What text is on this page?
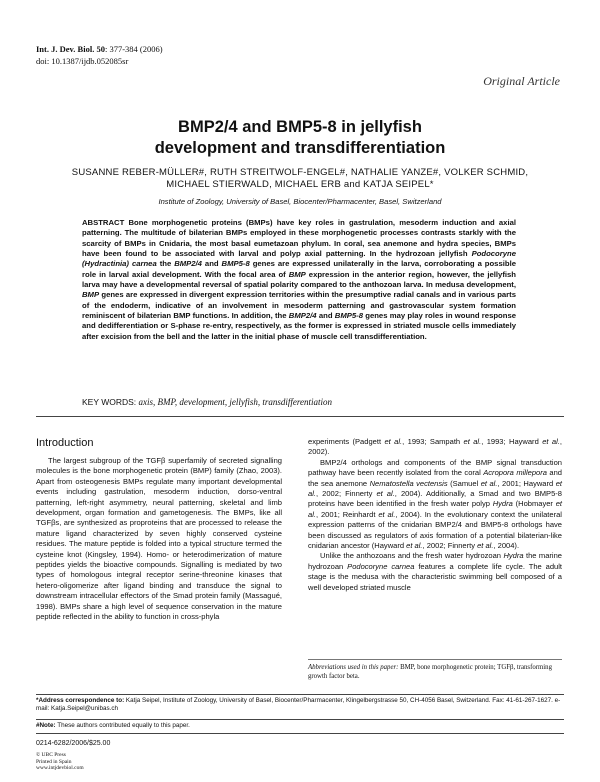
Int. J. Dev. Biol. 50: 377-384 (2006)
doi: 10.1387/ijdb.052085sr
Original Article
BMP2/4 and BMP5-8 in jellyfish
development and transdifferentiation
SUSANNE REBER-MÜLLER#, RUTH STREITWOLF-ENGEL#, NATHALIE YANZE#, VOLKER SCHMID,
MICHAEL STIERWALD, MICHAEL ERB and KATJA SEIPEL*
Institute of Zoology, University of Basel, Biocenter/Pharmacenter, Basel, Switzerland
ABSTRACT Bone morphogenetic proteins (BMPs) have key roles in gastrulation, mesoderm induction and axial patterning. The multitude of bilaterian BMPs employed in these morphogenetic processes contrasts starkly with the scarcity of BMPs in Cnidaria, the most basal eumetazoan phylum. In coral, sea anemone and hydra species, BMPs have been found to be associated with larval and polyp axial patterning. In the hydrozoan jellyfish Podocoryne (Hydractinia) carnea the BMP2/4 and BMP5-8 genes are expressed unilaterally in the larva, corroborating a possible role in larval axial development. With the focal area of BMP expression in the anterior region, however, the jellyfish larva may have a developmental reversal of spatial polarity compared to the anthozoan larva. In medusa development, BMP genes are expressed in divergent expression territories within the presumptive radial canals and in various parts of the endoderm, indicative of an involvement in mesoderm patterning and gastrovascular system formation reminiscent of bilaterian BMP functions. In addition, the BMP2/4 and BMP5-8 genes may play roles in wound response and dedifferentiation or S-phase re-entry, respectively, as the former is expressed in striated muscle cells immediately after excision from the bell and the latter in the initial phase of muscle cell transdifferentiation.
KEY WORDS: axis, BMP, development, jellyfish, transdifferentiation
Introduction

The largest subgroup of the TGFβ superfamily of secreted signalling molecules is the bone morphogenetic protein (BMP) family (Zhao, 2003). Apart from osteogenesis BMPs regulate many important developmental events including gastrulation, mesoderm induction, dorso-ventral patterning, left-right asymmetry, neural patterning, skeletal and limb development, organ formation and gametogenesis. The BMPs, like all TGFβs, are synthesized as proproteins that are processed to release the mature ligand characterized by seven highly conserved cysteine residues. The mature peptide is folded into a typical structure termed the cysteine knot (Kingsley, 1994). Homo- or heterodimerization of mature peptides yields the bioactive compounds. Signalling is mediated by two types of homologous integral receptor serine-threonine kinases that hetero-oligomerize after ligand binding and transduce the signal to downstream intracellular effectors of the Smad protein family (Massagué, 1998). BMPs share a high level of sequence conservation in the mature peptide reflected in the ability to function in cross-phyla

experiments (Padgett et al., 1993; Sampath et al., 1993; Hayward et al., 2002).

BMP2/4 orthologs and components of the BMP signal transduction pathway have been recently isolated from the coral Acropora millepora and the sea anemone Nematostella vectensis (Samuel et al., 2001; Hayward et al., 2002; Finnerty et al., 2004). Additionally, a Smad and two BMP5-8 proteins have been identified in the fresh water polyp Hydra (Hobmayer et al., 2001; Reinhardt et al., 2004). In the evolutionary context the unilateral expression patterns of the cnidarian BMP2/4 and BMP5-8 orthologs have been discussed as regulators of axis formation of a potential bilaterian-like cnidarian ancestor (Hayward et al., 2002; Finnerty et al., 2004).

Unlike the anthozoans and the fresh water hydrozoan Hydra the marine hydrozoan Podocoryne carnea features a complete life cycle. The adult stage is the medusa with the characteristic swimming bell composed of a well developed striated muscle

Abbreviations used in this paper: BMP, bone morphogenetic protein; TGFβ, transforming growth factor beta.
*Address correspondence to: Katja Seipel, Institute of Zoology, University of Basel, Biocenter/Pharmacenter, Klingelbergstrasse 50, CH-4056 Basel, Switzerland. Fax: 41-61-267-1627. e-mail: Katja.Seipel@unibas.ch
#Note: These authors contributed equally to this paper.
0214-6282/2006/$25.00
© UBC Press
Printed in Spain
www.intjdevbiol.com
